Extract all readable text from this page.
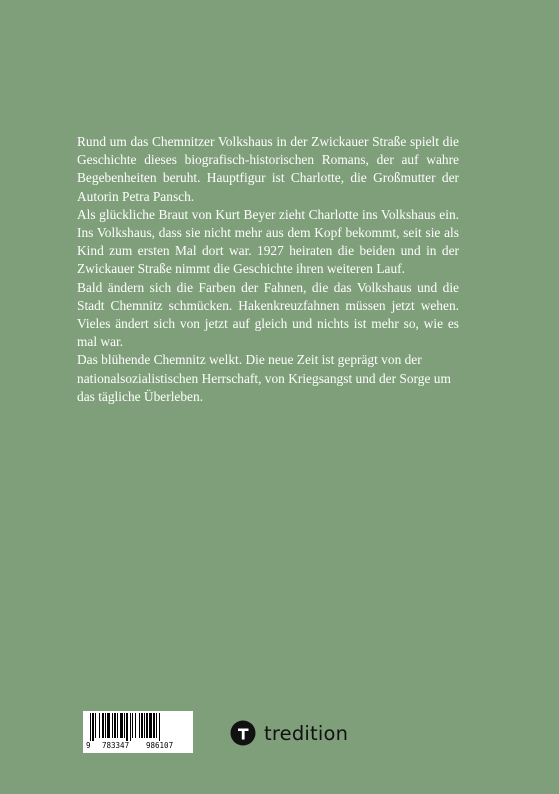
Rund um das Chemnitzer Volkshaus in der Zwickauer Straße spielt die Geschichte dieses biografisch-historischen Romans, der auf wahre Begebenheiten beruht. Hauptfigur ist Charlotte, die Großmutter der Autorin Petra Pansch.

Als glückliche Braut von Kurt Beyer zieht Charlotte ins Volkshaus ein. Ins Volkshaus, dass sie nicht mehr aus dem Kopf bekommt, seit sie als Kind zum ersten Mal dort war. 1927 heiraten die beiden und in der Zwickauer Straße nimmt die Geschichte ihren weiteren Lauf.

Bald ändern sich die Farben der Fahnen, die das Volkshaus und die Stadt Chemnitz schmücken. Hakenkreuzfahnen müssen jetzt wehen. Vieles ändert sich von jetzt auf gleich und nichts ist mehr so, wie es mal war.

Das blühende Chemnitz welkt. Die neue Zeit ist geprägt von der nationalsozialistischen Herrschaft, von Kriegsangst und der Sorge um das tägliche Überleben.

9 783347 986107
tredition
